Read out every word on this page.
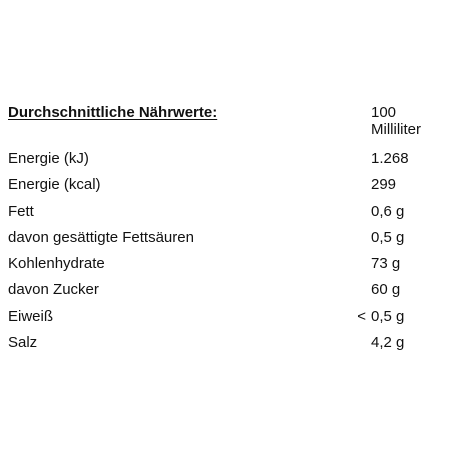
Durchschnittliche Nährwerte:	100 Milliliter
Energie (kJ)	1.268
Energie (kcal)	299
Fett	0,6 g
davon gesättigte Fettsäuren	0,5 g
Kohlenhydrate	73 g
davon Zucker	60 g
Eiweiß	< 0,5 g
Salz	4,2 g
